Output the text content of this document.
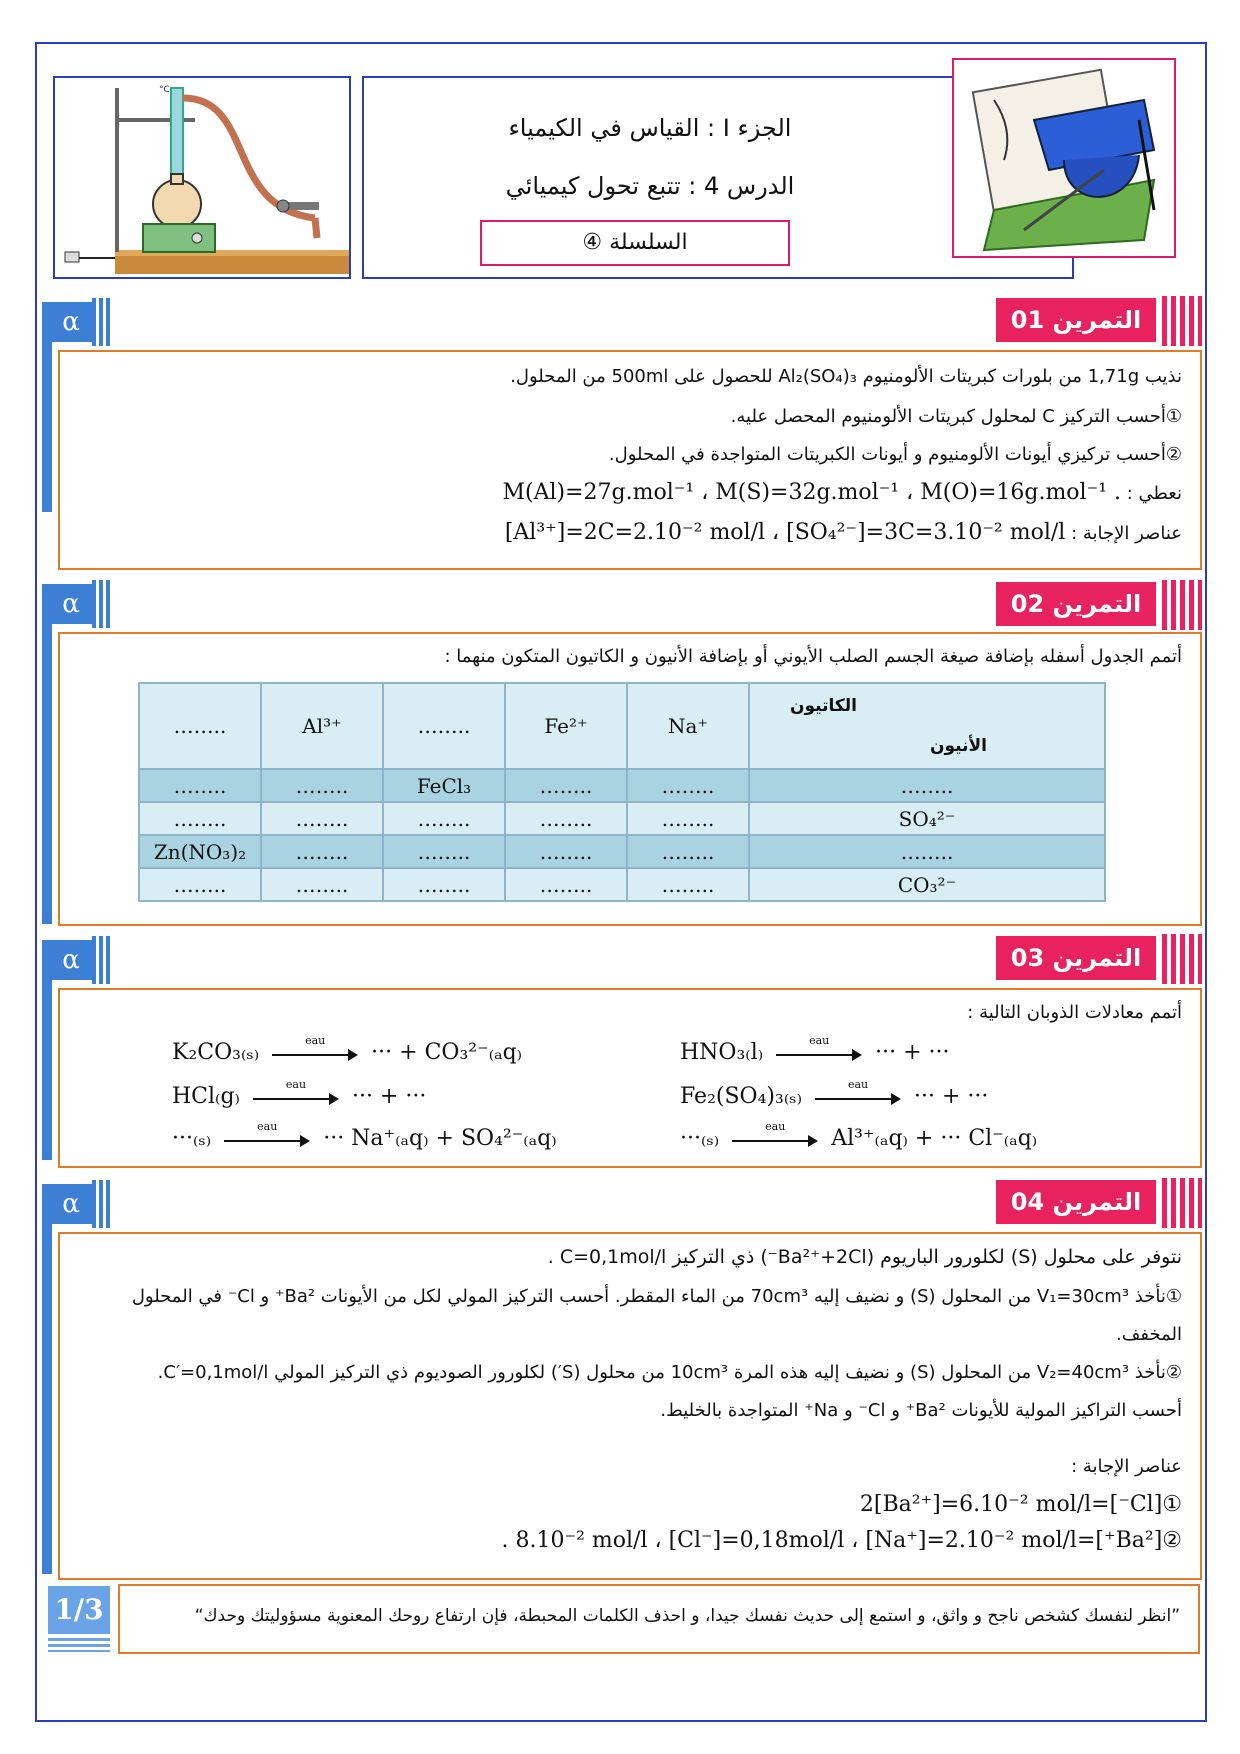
°C
الجزء I : القياس في الكيمياء
الدرس 4 : تتبع تحول كيميائي
السلسلة ④
α	التمرين 01
نذيب 1,71g من بلورات كبريتات الألومنيوم Al₂(SO₄)₃ للحصول على 500ml من المحلول.
①أحسب التركيز C لمحلول كبريتات الألومنيوم المحصل عليه.
②أحسب تركيزي أيونات الألومنيوم و أيونات الكبريتات المتواجدة في المحلول.
نعطي : M(Al)=27g.mol⁻¹ ، M(S)=32g.mol⁻¹ ، M(O)=16g.mol⁻¹ .
عناصر الإجابة : [Al³⁺]=2C=2.10⁻² mol/l ، [SO₄²⁻]=3C=3.10⁻² mol/l
α	التمرين 02
أتمم الجدول أسفله بإضافة صيغة الجسم الصلب الأيوني أو بإضافة الأنيون و الكاتيون المتكون منهما :
……..	Al³⁺	……..	Fe²⁺	Na⁺	الكاتيون
الأنيون

……..	……..	FeCl₃	……..	……..	……..
……..	……..	……..	……..	……..	SO₄²⁻
Zn(NO₃)₂	……..	……..	……..	……..	……..
……..	……..	……..	……..	……..	CO₃²⁻
α	التمرين 03
أتمم معادلات الذوبان التالية :
K₂CO₃₍ₛ₎	eau	··· + CO₃²⁻₍ₐq₎
HCl₍g₎	eau	··· + ···
···₍ₛ₎	eau	··· Na⁺₍ₐq₎ + SO₄²⁻₍ₐq₎
HNO₃₍l₎	eau	··· + ···
Fe₂(SO₄)₃₍ₛ₎	eau	··· + ···
···₍ₛ₎	eau	Al³⁺₍ₐq₎ + ··· Cl⁻₍ₐq₎
α	التمرين 04
نتوفر على محلول (S) لكلورور الباريوم (Ba²⁺+2Cl⁻) ذي التركيز C=0,1mol/l .
①نأخذ V₁=30cm³ من المحلول (S) و نضيف إليه 70cm³ من الماء المقطر. أحسب التركيز المولي لكل من الأيونات Ba²⁺ و Cl⁻ في المحلول
المخفف.
②نأخذ V₂=40cm³ من المحلول (S) و نضيف إليه هذه المرة 10cm³ من محلول (S′) لكلورور الصوديوم ذي التركيز المولي C′=0,1mol/l.
أحسب التراكيز المولية للأيونات Ba²⁺ و Cl⁻ و Na⁺ المتواجدة بالخليط.
عناصر الإجابة :
①[Cl⁻]=2[Ba²⁺]=6.10⁻² mol/l
②[Ba²⁺]=8.10⁻² mol/l ، [Cl⁻]=0,18mol/l ، [Na⁺]=2.10⁻² mol/l .
1/3	”انظر لنفسك كشخص ناجح و واثق، و استمع إلى حديث نفسك جيدا، و احذف الكلمات المحبطة، فإن ارتفاع روحك المعنوية مسؤوليتك وحدك“
